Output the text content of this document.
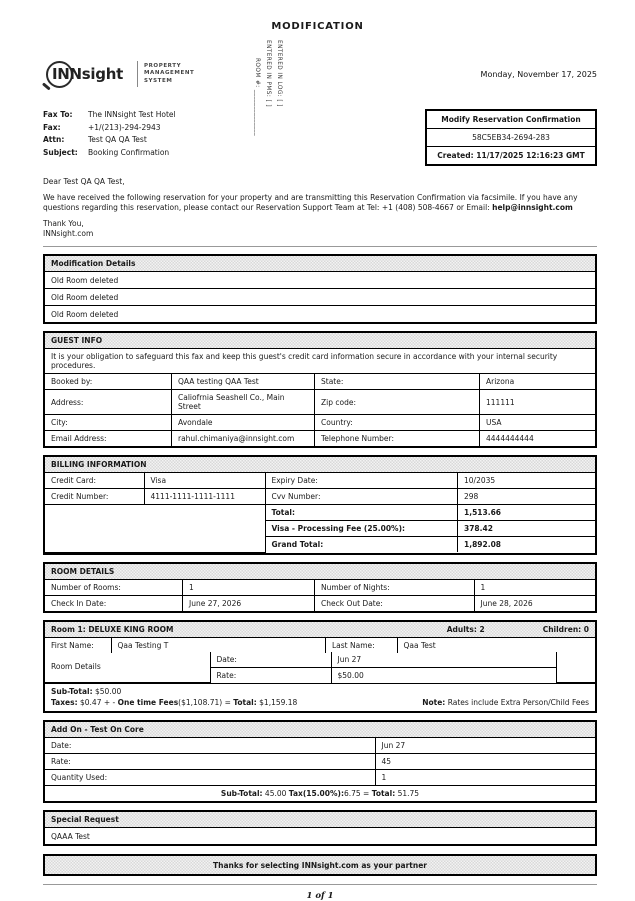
MODIFICATION
ROOM #: ______________ ENTERED IN PMS: [ ] ENTERED IN LOG: [ ]
INNsight	PROPERTY
MANAGEMENT
SYSTEM
Monday, November 17, 2025
Fax To: The INNsight Test Hotel
Fax:	+1/(213)-294-2943
Attn:	Test QA QA Test
Subject: Booking Confirmation
Modify Reservation Confirmation
58C5EB34-2694-283
Created: 11/17/2025 12:16:23 GMT

Dear Test QA QA Test,

We have received the following reservation for your property and are transmitting this Reservation Confirmation via facsimile. If you have any questions regarding this reservation, please contact our Reservation Support Team at Tel: +1 (408) 508-4667 or Email: help@innsight.com

Thank You,
INNsight.com

Modification Details
Old Room deleted
Old Room deleted
Old Room deleted
GUEST INFO
It is your obligation to safeguard this fax and keep this guest's credit card information secure in accordance with your internal security procedures.
Booked by:	QAA testing QAA Test	State:	Arizona
Address:	Caliofrnia Seashell Co., Main Street	Zip code:	111111
City:	Avondale	Country:	USA
Email Address:	rahul.chimaniya@innsight.com	Telephone Number:	4444444444
BILLING INFORMATION
Credit Card:	Visa	Expiry Date:	10/2035
Credit Number:	4111-1111-1111-1111	Cvv Number:	298
		Total:	1,513.66
		Visa - Processing Fee (25.00%):	378.42
		Grand Total:	1,892.08
ROOM DETAILS
Number of Rooms:	1	Number of Nights:	1
Check In Date:	June 27, 2026	Check Out Date:	June 28, 2026
Room 1: DELUXE KING ROOM	Adults: 2	Children: 0
First Name:	Qaa Testing T	Last Name:	Qaa Test
Room Details	Date:	Jun 27	
	Rate:	$50.00	
Sub-Total: $50.00
Taxes: $0.47 + - One time Fees($1,108.71) = Total: $1,159.18	Note: Rates include Extra Person/Child Fees
Add On - Test On Core
Date:	Jun 27
Rate:	45
Quantity Used:	1
Sub-Total: 45.00 Tax(15.00%):6.75 = Total: 51.75
Special Request
QAAA Test
Thanks for selecting INNsight.com as your partner
1 of 1
